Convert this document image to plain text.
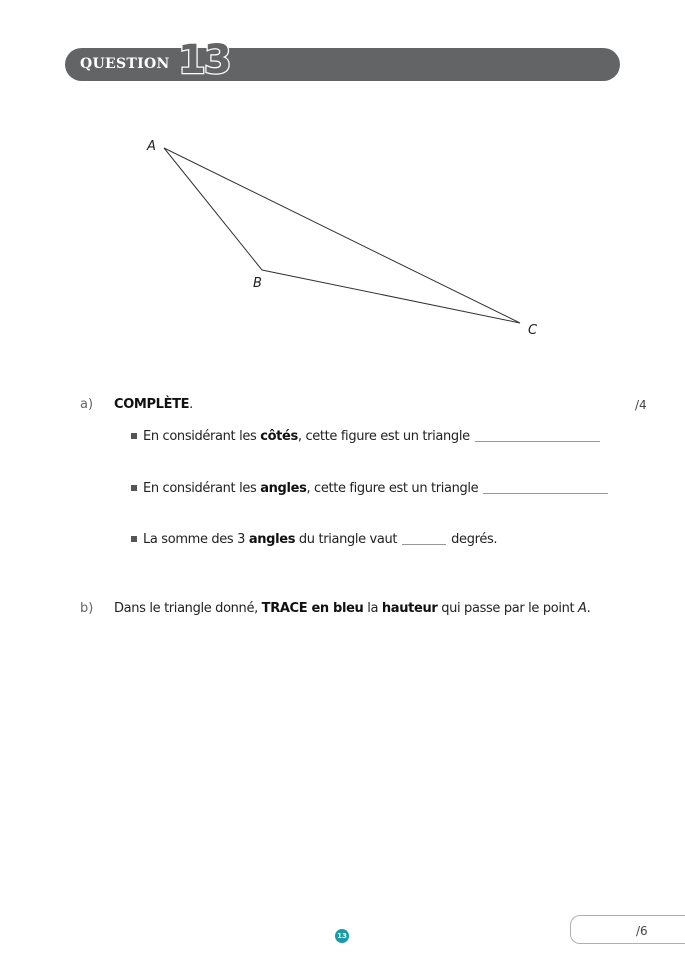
QUESTION 13
A
B
C
a) COMPLÈTE.	/4
En considérant les côtés, cette figure est un triangle
En considérant les angles, cette figure est un triangle
La somme des 3 angles du triangle vaut	degrés.
b) Dans le triangle donné, TRACE en bleu la hauteur qui passe par le point A.
/6
13
